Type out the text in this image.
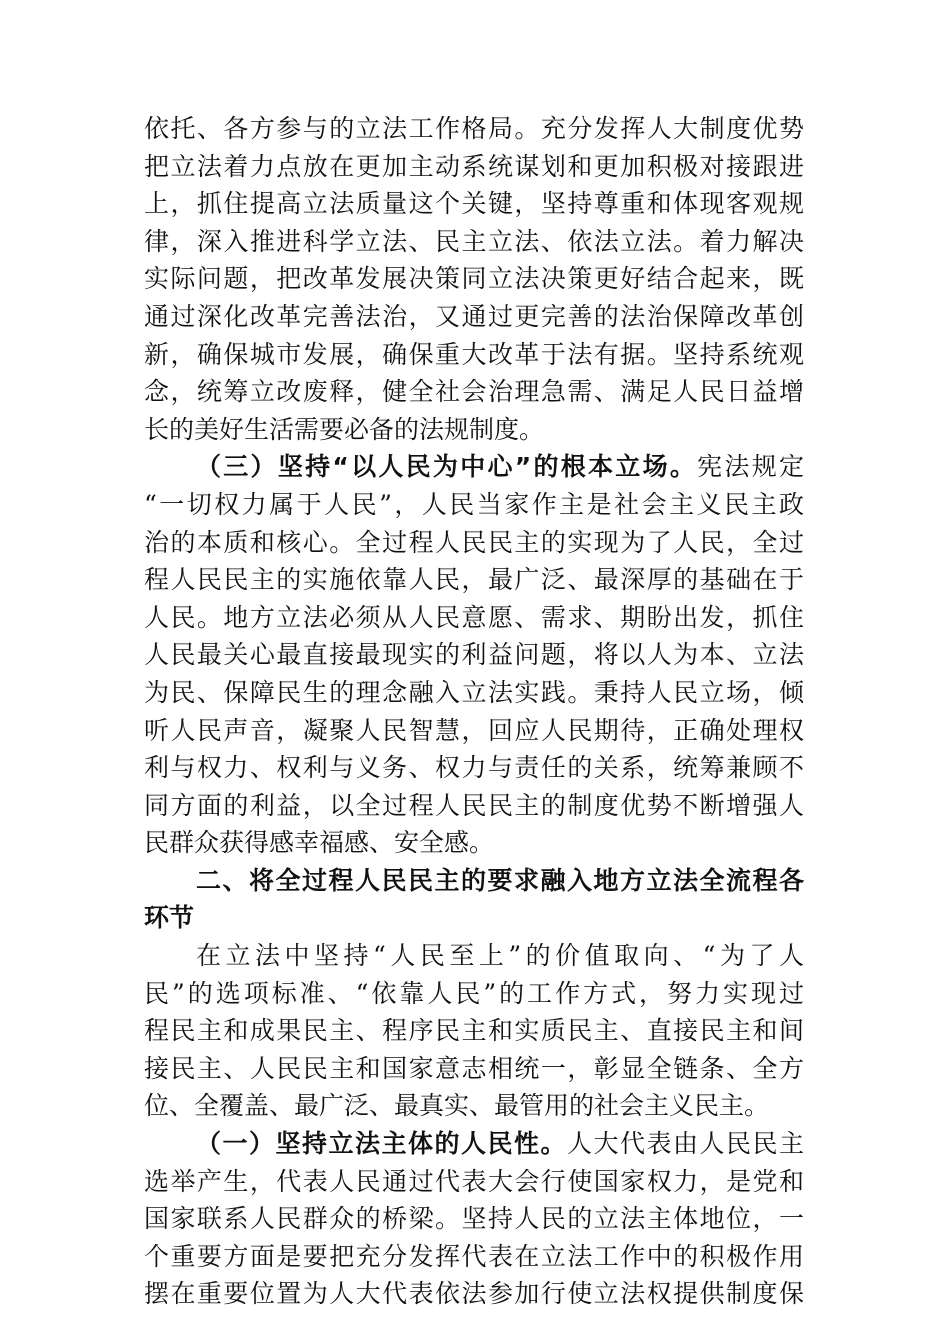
依托、各方参与的立法工作格局。充分发挥人大制度优势
把立法着力点放在更加主动系统谋划和更加积极对接跟进
上，抓住提高立法质量这个关键，坚持尊重和体现客观规
律，深入推进科学立法、民主立法、依法立法。着力解决
实际问题，把改革发展决策同立法决策更好结合起来，既
通过深化改革完善法治，又通过更完善的法治保障改革创
新，确保城市发展，确保重大改革于法有据。坚持系统观
念，统筹立改废释，健全社会治理急需、满足人民日益增
长的美好生活需要必备的法规制度。
（三）坚持“以人民为中心”的根本立场。宪法规定
“一切权力属于人民”，人民当家作主是社会主义民主政
治的本质和核心。全过程人民民主的实现为了人民，全过
程人民民主的实施依靠人民，最广泛、最深厚的基础在于
人民。地方立法必须从人民意愿、需求、期盼出发，抓住
人民最关心最直接最现实的利益问题，将以人为本、立法
为民、保障民生的理念融入立法实践。秉持人民立场，倾
听人民声音，凝聚人民智慧，回应人民期待，正确处理权
利与权力、权利与义务、权力与责任的关系，统筹兼顾不
同方面的利益，以全过程人民民主的制度优势不断增强人
民群众获得感幸福感、安全感。
二、将全过程人民民主的要求融入地方立法全流程各
环节
在立法中坚持“人民至上”的价值取向、“为了人
民”的选项标准、“依靠人民”的工作方式，努力实现过
程民主和成果民主、程序民主和实质民主、直接民主和间
接民主、人民民主和国家意志相统一，彰显全链条、全方
位、全覆盖、最广泛、最真实、最管用的社会主义民主。
（一）坚持立法主体的人民性。人大代表由人民民主
选举产生，代表人民通过代表大会行使国家权力，是党和
国家联系人民群众的桥梁。坚持人民的立法主体地位，一
个重要方面是要把充分发挥代表在立法工作中的积极作用
摆在重要位置为人大代表依法参加行使立法权提供制度保
